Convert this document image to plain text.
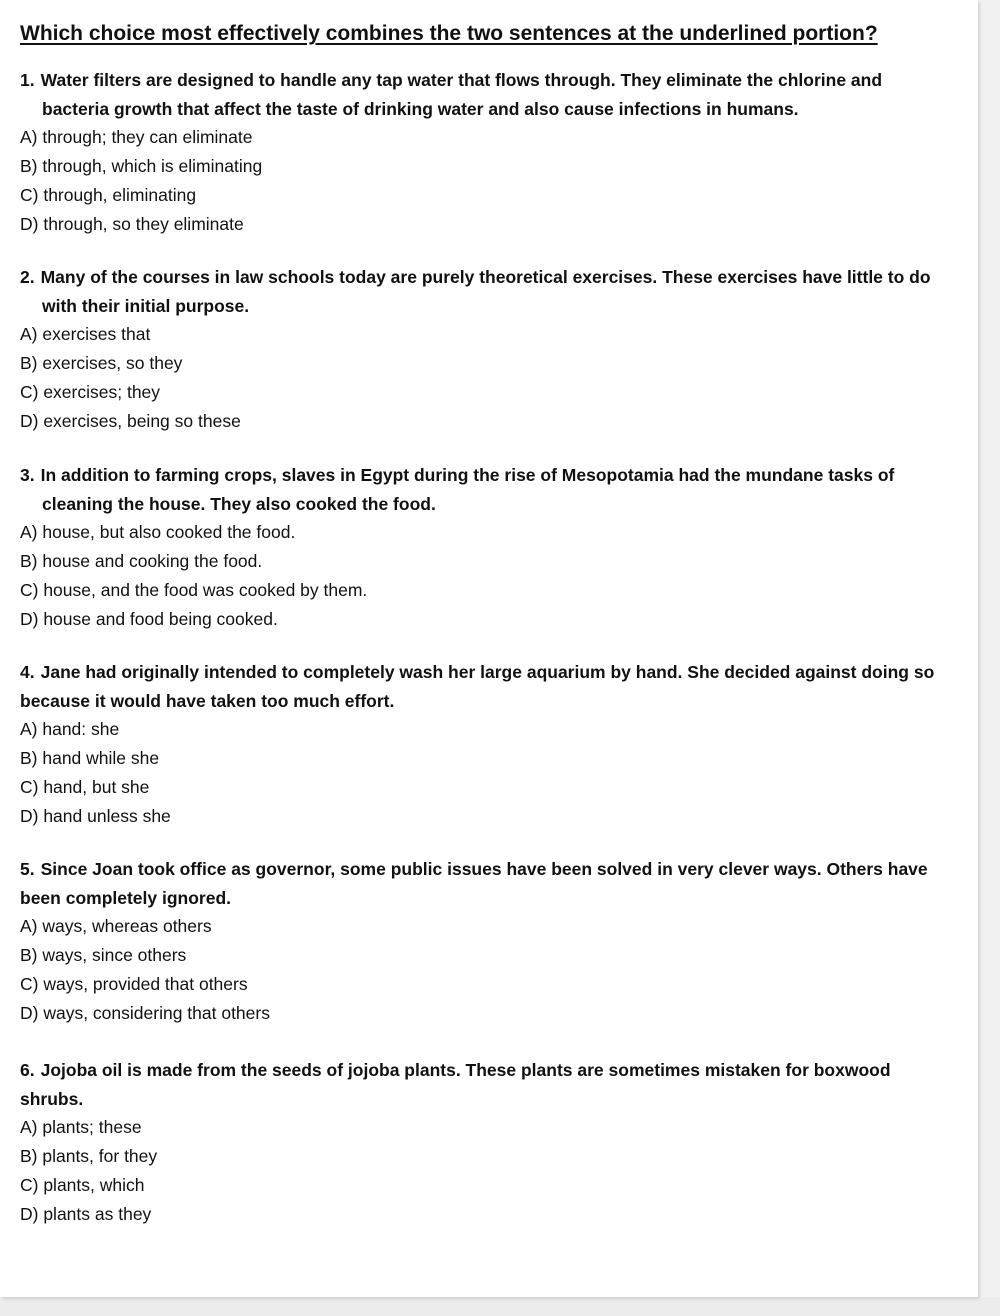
Which choice most effectively combines the two sentences at the underlined portion?

1. Water filters are designed to handle any tap water that flows through. They eliminate the chlorine and bacteria growth that affect the taste of drinking water and also cause infections in humans.

A) through; they can eliminate
B) through, which is eliminating
C) through, eliminating
D) through, so they eliminate

2. Many of the courses in law schools today are purely theoretical exercises. These exercises have little to do with their initial purpose.

A) exercises that
B) exercises, so they
C) exercises; they
D) exercises, being so these

3. In addition to farming crops, slaves in Egypt during the rise of Mesopotamia had the mundane tasks of cleaning the house. They also cooked the food.

A) house, but also cooked the food.
B) house and cooking the food.
C) house, and the food was cooked by them.
D) house and food being cooked.

4. Jane had originally intended to completely wash her large aquarium by hand. She decided against doing so because it would have taken too much effort.

A) hand: she
B) hand while she
C) hand, but she
D) hand unless she

5. Since Joan took office as governor, some public issues have been solved in very clever ways. Others have been completely ignored.

A) ways, whereas others
B) ways, since others
C) ways, provided that others
D) ways, considering that others

6. Jojoba oil is made from the seeds of jojoba plants. These plants are sometimes mistaken for boxwood shrubs.

A) plants; these
B) plants, for they
C) plants, which
D) plants as they
